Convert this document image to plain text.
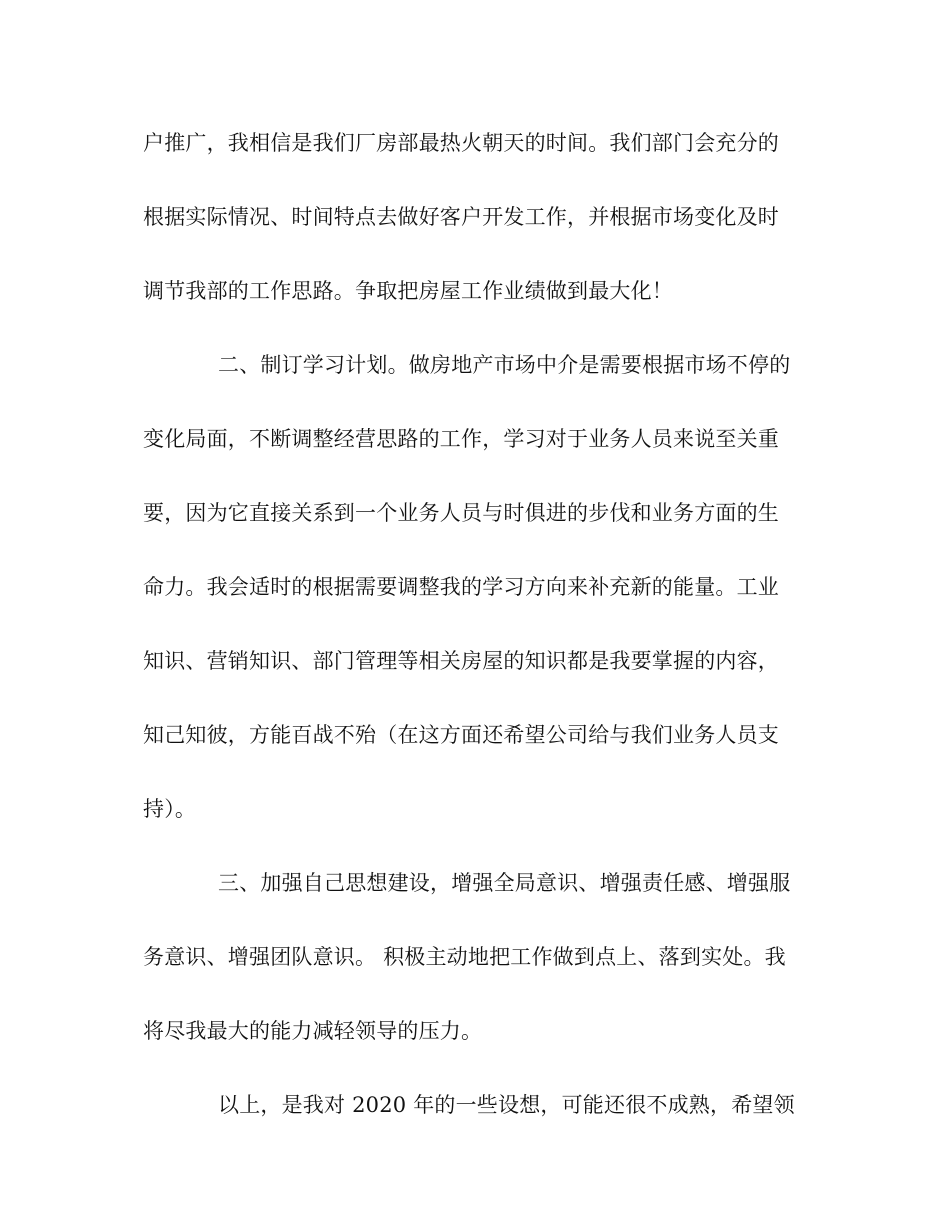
户推广，我相信是我们厂房部最热火朝天的时间。我们部门会充分的
根据实际情况、时间特点去做好客户开发工作，并根据市场变化及时
调节我部的工作思路。争取把房屋工作业绩做到最大化！
二、制订学习计划。做房地产市场中介是需要根据市场不停的
变化局面，不断调整经营思路的工作，学习对于业务人员来说至关重
要，因为它直接关系到一个业务人员与时俱进的步伐和业务方面的生
命力。我会适时的根据需要调整我的学习方向来补充新的能量。工业
知识、营销知识、部门管理等相关房屋的知识都是我要掌握的内容，
知己知彼，方能百战不殆（在这方面还希望公司给与我们业务人员支
持）。
三、加强自己思想建设，增强全局意识、增强责任感、增强服
务意识、增强团队意识。 积极主动地把工作做到点上、落到实处。我
将尽我最大的能力减轻领导的压力。
以上，是我对 2020 年的一些设想，可能还很不成熟，希望领
